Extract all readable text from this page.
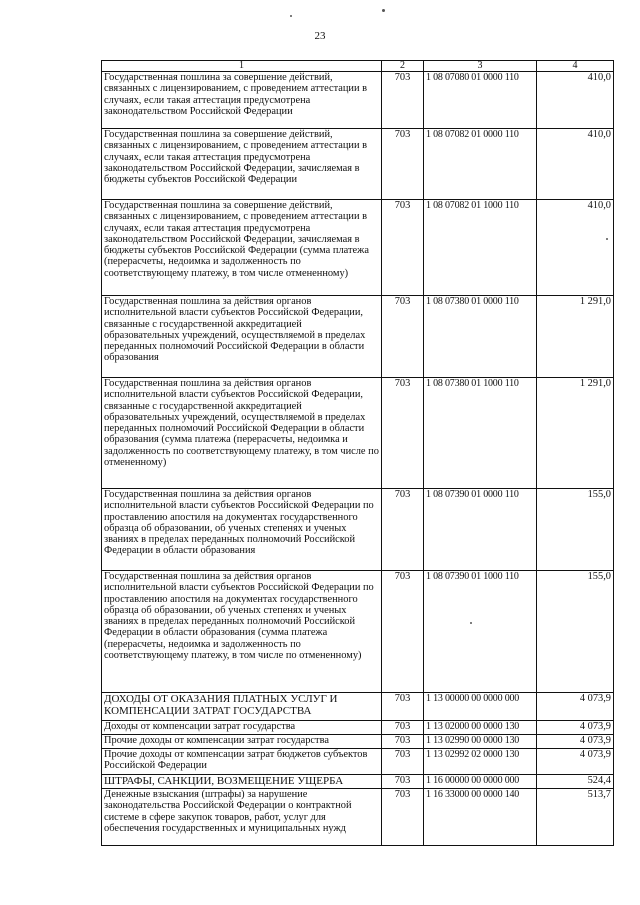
23
1	2	3	4
Государственная пошлина за совершение действий, связанных с лицензированием, с проведением аттестации в случаях, если такая аттестация предусмотрена законодательством Российской Федерации	703	1 08 07080 01 0000 110	410,0
Государственная пошлина за совершение действий, связанных с лицензированием, с проведением аттестации в случаях, если такая аттестация предусмотрена законодательством Российской Федерации, зачисляемая в бюджеты субъектов Российской Федерации	703	1 08 07082 01 0000 110	410,0
Государственная пошлина за совершение действий, связанных с лицензированием, с проведением аттестации в случаях, если такая аттестация предусмотрена законодательством Российской Федерации, зачисляемая в бюджеты субъектов Российской Федерации (сумма платежа (перерасчеты, недоимка и задолженность по соответствующему платежу, в том числе отмененному)	703	1 08 07082 01 1000 110	410,0
Государственная пошлина за действия органов исполнительной власти субъектов Российской Федерации, связанные с государственной аккредитацией образовательных учреждений, осуществляемой в пределах переданных полномочий Российской Федерации в области образования	703	1 08 07380 01 0000 110	1 291,0
Государственная пошлина за действия органов исполнительной власти субъектов Российской Федерации, связанные с государственной аккредитацией образовательных учреждений, осуществляемой в пределах переданных полномочий Российской Федерации в области образования (сумма платежа (перерасчеты, недоимка и задолженность по соответствующему платежу, в том числе по отмененному)	703	1 08 07380 01 1000 110	1 291,0
Государственная пошлина за действия органов исполнительной власти субъектов Российской Федерации по проставлению апостиля на документах государственного образца об образовании, об ученых степенях и ученых званиях в пределах переданных полномочий Российской Федерации в области образования	703	1 08 07390 01 0000 110	155,0
Государственная пошлина за действия органов исполнительной власти субъектов Российской Федерации по проставлению апостиля на документах государственного образца об образовании, об ученых степенях и ученых званиях в пределах переданных полномочий Российской Федерации в области образования (сумма платежа (перерасчеты, недоимка и задолженность по соответствующему платежу, в том числе по отмененному)	703	1 08 07390 01 1000 110	155,0
ДОХОДЫ ОТ ОКАЗАНИЯ ПЛАТНЫХ УСЛУГ И КОМПЕНСАЦИИ ЗАТРАТ ГОСУДАРСТВА	703	1 13 00000 00 0000 000	4 073,9
Доходы от компенсации затрат государства	703	1 13 02000 00 0000 130	4 073,9
Прочие доходы от компенсации затрат государства	703	1 13 02990 00 0000 130	4 073,9
Прочие доходы от компенсации затрат бюджетов субъектов Российской Федерации	703	1 13 02992 02 0000 130	4 073,9
ШТРАФЫ, САНКЦИИ, ВОЗМЕЩЕНИЕ УЩЕРБА	703	1 16 00000 00 0000 000	524,4
Денежные взыскания (штрафы) за нарушение законодательства Российской Федерации о контрактной системе в сфере закупок товаров, работ, услуг для обеспечения государственных и муниципальных нужд	703	1 16 33000 00 0000 140	513,7
